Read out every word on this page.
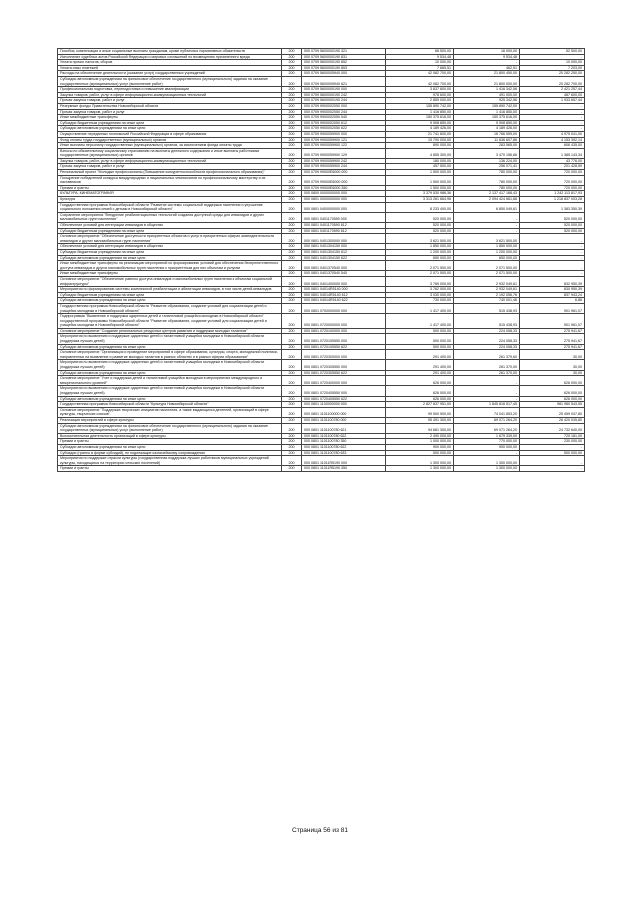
Пособия, компенсации и иные социальные выплаты гражданам, кроме публичных нормативных обязательств	200	000 0709 5600000190 321	66 500,00	16 000,00	52 500,00
Исполнение судебных актов Российской Федерации и мировых соглашений по возмещению причиненного вреда	200	000 0709 5600000190 831	9 534,48	9 534,48	-
Уплата прочих налогов, сборов	200	000 0709 5600000190 852	10 000,00	-	10 000,00
Уплата иных платежей	200	000 0709 5600000190 853	7 665,51	462,51	7 203,00
Расходы на обеспечение деятельности (оказание услуг) государственных учреждений	200	000 0709 5600005940 000	42 082 700,00	21 800 450,00	20 282 250,00
Субсидии автономным учреждениям на финансовое обеспечение государственного (муниципального) задания на оказание государственных (муниципальных) услуг (выполнение работ)	200	000 0709 5600005940 621	42 082 700,00	21 800 000,00	20 282 700,00
Профессиональная подготовка, переподготовка и повышение квалификации	200	000 0709 5600000190 000	3 837 600,00	1 416 342,56	2 421 257,44
Закупка товаров, работ, услуг в сфере информационно-коммуникационных технологий	200	000 0709 5600000190 242	978 600,00	491 000,00	487 600,00
Прочая закупка товаров, работ и услуг	200	000 0709 5600000190 244	2 859 000,00	925 342,56	1 933 657,44
Резервные фонды Правительства Новосибирской области	200	000 0709 9900002050 000	155 890 742,00	155 890 742,00	-
Прочая закупка товаров, работ и услуг	200	000 0709 9900002050 244	1 416 850,00	1 416 850,00	-
Иные межбюджетные трансферты	200	000 0709 9900002050 540	150 375 616,00	150 375 616,00	-
Субсидии бюджетным учреждениям на иные цели	200	000 0709 9900002050 612	9 908 850,00	9 908 850,00	-
Субсидии автономным учреждениям на иные цели	200	000 0709 9900002050 622	4 189 426,00	4 189 426,00	-
Осуществление переданных полномочий Российской Федерации в сфере образования	200	000 0709 9900059900 000	21 741 600,00	16 766 559,00	4 975 041,00
Фонд оплаты труда государственных (муниципальных) органов	200	000 0709 9900059900 121	15 790 000,00	11 636 607,86	4 153 392,14
Иные выплаты персоналу государственных (муниципальных) органов, за исключением фонда оплаты труда	200	000 0709 9900059900 122	890 000,00	283 565,00	606 435,00
Взносы по обязательному социальному страхованию на выплаты денежного содержания и иные выплаты работникам государственных (муниципальных) органов	200	000 0709 9900059900 129	4 855 300,00	3 470 156,66	1 385 143,34
Закупка товаров, работ, услуг в сфере информационно-коммуникационных технологий	200	000 0709 9900059900 242	180 000,00	136 224,00	43 776,00
Прочая закупка товаров, работ и услуг	200	000 0709 9900059900 244	457 500,00	256 071,41	201 428,59
Региональный проект "Молодые профессионалы (Повышение конкурентоспособности профессионального образования)"	200	000 0709 99000E6000 000	1 500 000,00	780 000,00	720 000,00
Поощрение победителей конкурса международных и национальных чемпионатов по профессиональному мастерству и их наставников	200	000 0709 99000E6000 000	1 500 000,00	780 000,00	720 000,00
Премии и гранты	200	000 0709 99000E6000 350	1 500 000,00	780 000,00	720 000,00
КУЛЬТУРА, КИНЕМАТОГРАФИЯ	200	000 0800 0000000000 000	3 379 530 986,36	2 137 417 168,43	1 242 113 817,93
Культура	200	000 0801 0000000000 000	3 313 261 664,96	2 094 424 661,68	1 218 837 003,28
Государственная программа Новосибирской области "Развитие системы социальной поддержки населения и улучшение социального положения семей с детьми в Новосибирской области"	200	000 0801 0400000000 000	8 233 400,00	6 850 049,61	1 383 350,39
Сохранение мероприятия "Внедрение реабилитационных технологий создания доступной среды для инвалидов и других маломобильных групп населения"	200	000 0801 0401170590 000	520 000,00	-	520 000,00
Обеспечение условий для интеграции инвалидов в общество	200	000 0801 0401170590 612	520 000,00	-	520 000,00
Субсидии бюджетным учреждениям на иные цели	200	000 0801 0401170590 612	520 000,00	-	520 000,00
Основное мероприятие "Обеспечение доступности приоритетных объектов и услуг в приоритетных сферах жизнедеятельности инвалидов и других маломобильных групп населения"	200	000 0801 0401300000 000	3 621 500,00	3 621 500,00	-
Обеспечение условий для интеграции инвалидов в общество	200	000 0801 0401304150 000	1 850 000,00	1 850 000,00	-
Субсидии бюджетным учреждениям на иные цели	200	000 0801 0401304150 612	1 200 000,00	1 200 000,00	-
Субсидии автономным учреждениям на иные цели	200	000 0801 0401304150 622	650 000,00	650 000,00	-
Иные межбюджетные трансферты на реализацию мероприятий по формированию условий для обеспечения беспрепятственного доступа инвалидов и других маломобильных групп населения к приоритетным для них объектам и услугам	200	000 0801 0401370540 000	2 071 500,00	2 071 500,00	-
Иные межбюджетные трансферты	200	000 0801 0401370540 540	2 071 500,00	2 071 500,00	-
Основное мероприятие "Обеспечение равного доступа инвалидов и маломобильных групп населения к объектам социальной инфраструктуры"	200	000 0801 0401400000 000	3 765 000,00	2 932 049,61	832 950,39
Мероприятия по формированию системы комплексной реабилитации и абилитации инвалидов, в том числе детей-инвалидов	200	000 0801 04014R5140 000	3 762 000,00	2 932 049,61	830 950,39
Субсидии бюджетным учреждениям на иные цели	200	000 0801 04014R5140 612	3 030 000,00	2 192 056,76	837 943,24
Субсидии автономным учреждениям на иные цели	200	000 0801 04014R5140 622	730 000,00	740 001,46	6,86
Государственная программа Новосибирской области "Развитие образования, создание условий для социализации детей и учащейся молодежи в Новосибирской области"	200	000 0801 0700000000 000	1 417 400,00	515 438,93	901 961,07
Подпрограмма "Выявление и поддержка одаренных детей и талантливой учащейся молодежи в Новосибирской области" государственной программы Новосибирской области "Развитие образования, создание условий для социализации детей и учащейся молодежи в Новосибирской области"	200	000 0801 0720000000 000	1 417 400,00	515 438,93	901 961,07
Основное мероприятие "Создание региональных ресурсных центров развития и поддержки молодых талантов"	200	000 0801 0720100000 000	500 000,00	224 058,33	275 941,67
Мероприятия по выявлению и поддержке одаренных детей и талантливой учащейся молодежи в Новосибирской области (поддержка лучших детей)	200	000 0801 0720105550 000	500 000,00	224 058,33	275 941,67
Субсидии автономным учреждениям на иные цели	200	000 0801 0720105550 622	500 000,00	224 058,33	275 941,67
Основное мероприятие "Организация и проведение мероприятий в сфере образования, культуры, спорта, молодежной политики, направленных на выявление и развитие молодых талантов в разных областях и в разных сферах образования"	200	000 0801 0720300000 000	291 400,00	261 379,60	30,00
Мероприятия по выявлению и поддержке одаренных детей и талантливой учащейся молодежи в Новосибирской области (поддержка лучших детей)	200	000 0801 0720305550 000	291 400,00	261 370,00	30,00
Субсидии автономным учреждениям на иные цели	200	000 0801 0720305550 622	291 400,00	261 370,00	30,00
Основное мероприятие "Учет и поддержка детей и талантливой учащейся молодежи в мероприятиях международного и межрегионального уровней"	200	000 0801 0720400000 000	626 000,00	-	626 000,00
Мероприятия по выявлению и поддержке одаренных детей и талантливой учащейся молодежи в Новосибирской области (поддержка лучших детей)	200	000 0801 0720405550 000	626 000,00	-	626 000,00
Субсидии автономным учреждениям на иные цели	200	000 0801 0720405550 622	626 000,00	-	626 000,00
Государственная программа Новосибирской области "Культура Новосибирской области"	200	000 0801 1100000000 000	2 827 837 951,00	1 845 816 517,45	981 980 543,55
Основное мероприятие "Поддержка творческих инициатив населения, а также выдающихся деятелей, организаций в сфере культуры, творческих союзов"	200	000 0801 1101100000 000	99 500 900,00	74 041 853,20	25 459 047,80
Реализация мероприятий в сфере культуры	200	000 0801 1101100780 000	95 491 300,00	69 071 264,20	26 420 035,80
Субсидии автономным учреждениям на финансовое обеспечение государственного (муниципального) задания на оказание государственных (муниципальных) услуг (выполнение работ)	200	000 0801 1101100780 621	94 681 300,00	69 071 264,20	24 732 640,00
Вспомогательная деятельность организаций в сфере культуры	200	000 0801 1101100780 622	2 490 000,00	1 679 339,00	720 181,00
Премии и гранты	200	000 0801 1101100780 350	1 000 000,00	770 000,00	230 000,00
Субсидии автономным учреждениям на иные цели	200	000 0801 1101100780 622	900 000,00	900 000,00	-
Субсидии (гранты в форме субсидий), не подлежащие казначейскому сопровождению	200	000 0801 1101100780 633	500 000,00	-	500 000,00
Мероприятия по поддержке отрасли культуры (государственная поддержка лучших работников муниципальных учреждений культуры, находящихся на территории сельских поселений)	200	000 0801 11011R5190 000	1 300 000,00	1 300 000,00	-
Премии и гранты	200	000 0801 11011R5190 350	1 300 000,00	1 300 000,00	-
Страница 56 из 81
